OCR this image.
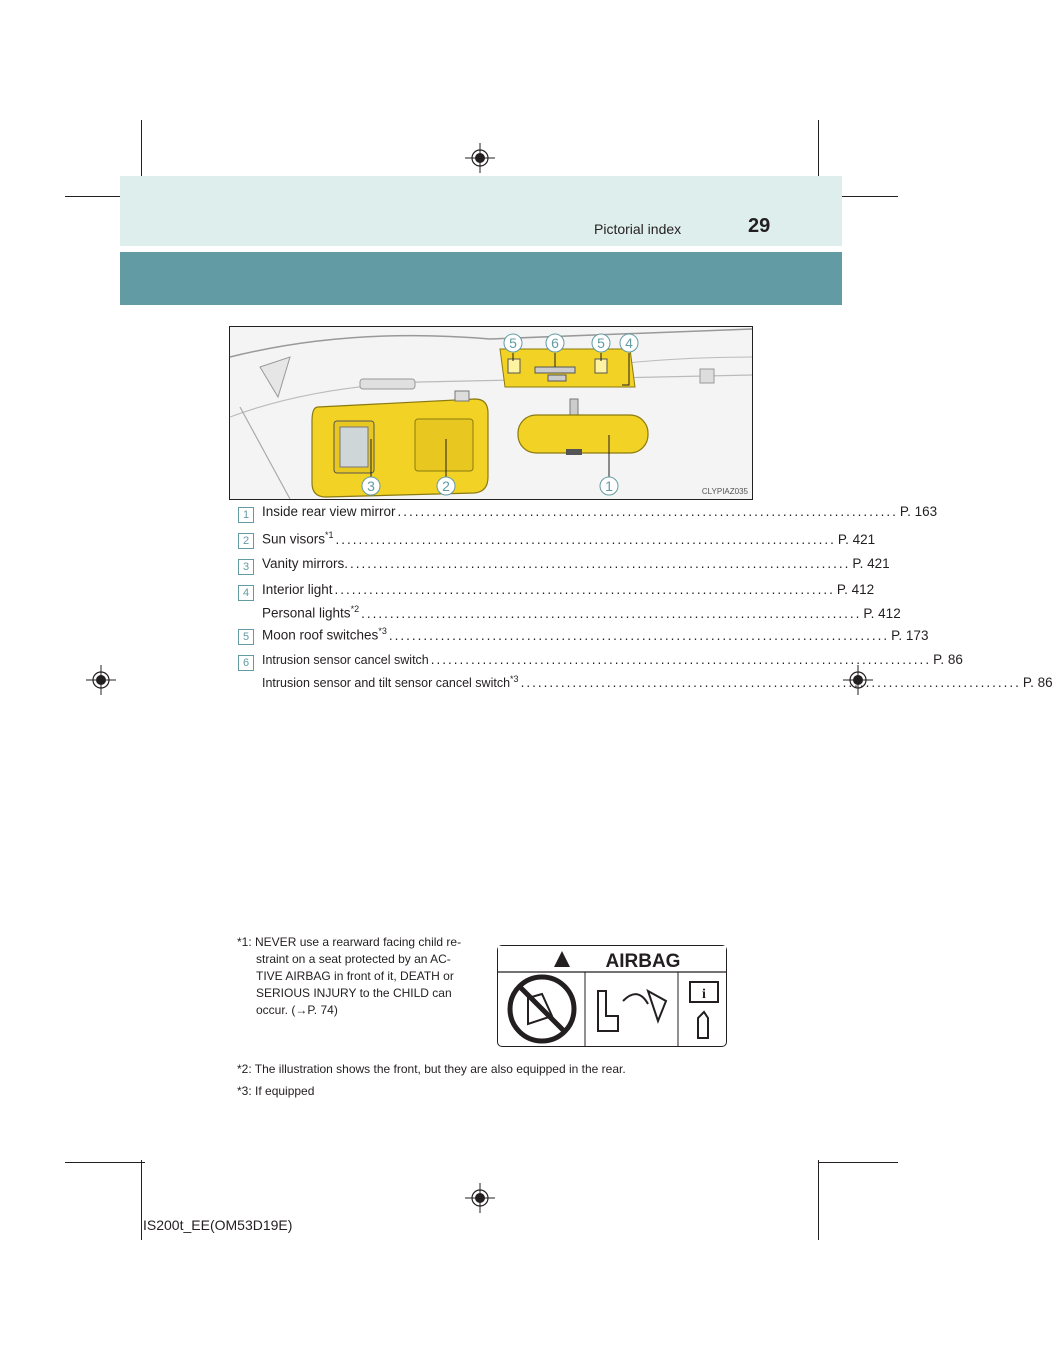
Pictorial index	29
5 6	5 4
3	2	1	CLYPIAZ035
1 Inside rear view mirror ....................................................................................... P. 163
2 Sun visors$^{*1}$ ....................................................................................... P. 421
3 Vanity mirrors. ....................................................................................... P. 421
4 Interior light ....................................................................................... P. 412
Personal lights$^{*2}$ ....................................................................................... P. 412
5 Moon roof switches$^{*3}$ ....................................................................................... P. 173
6	Intrusion sensor cancel switch ....................................................................................... P. 86
Intrusion sensor and tilt sensor cancel switch$^{*3}$ ....................................................................................... P. 86
*1: NEVER use a rearward facing child re-
straint on a seat protected by an AC-
TIVE AIRBAG in front of it, DEATH or
SERIOUS INJURY to the CHILD can
occur. (→P. 74)
*2: The illustration shows the front, but they are also equipped in the rear.
*3: If equipped
AIRBAG
i
IS200t_EE(OM53D19E)
